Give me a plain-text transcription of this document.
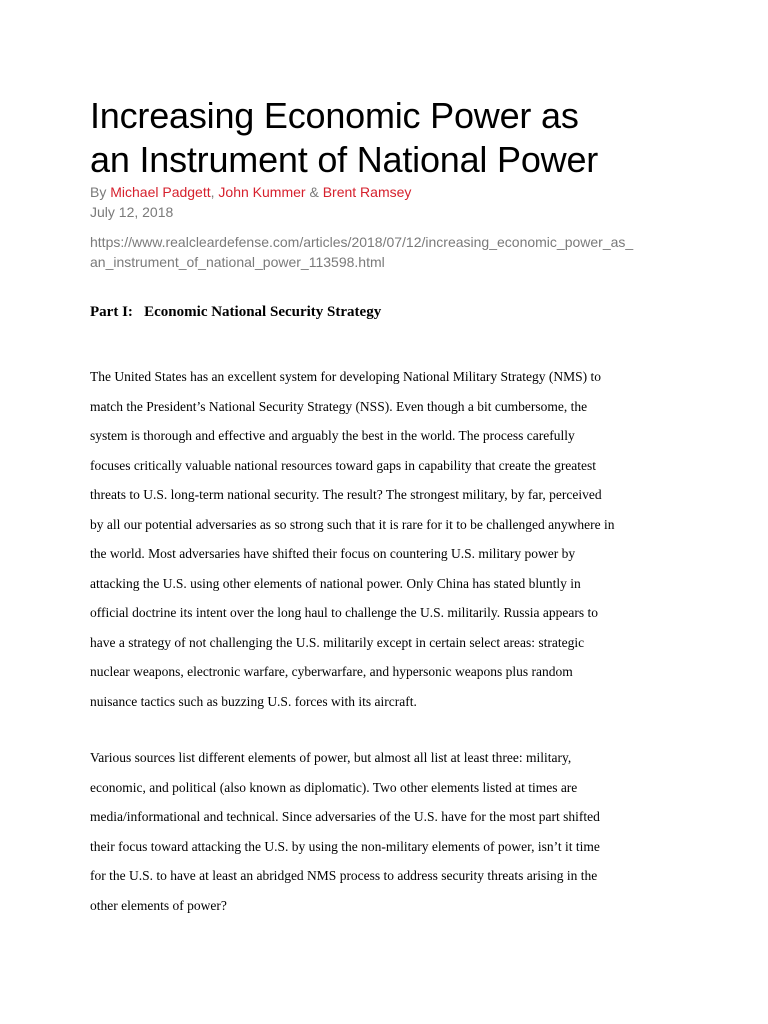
Increasing Economic Power as
an Instrument of National Power
By Michael Padgett, John Kummer & Brent Ramsey
July 12, 2018
https://www.realcleardefense.com/articles/2018/07/12/increasing_economic_power_as_
an_instrument_of_national_power_113598.html
Part I:   Economic National Security Strategy

The United States has an excellent system for developing National Military Strategy (NMS) to
match the President’s National Security Strategy (NSS). Even though a bit cumbersome, the
system is thorough and effective and arguably the best in the world. The process carefully
focuses critically valuable national resources toward gaps in capability that create the greatest
threats to U.S. long-term national security. The result? The strongest military, by far, perceived
by all our potential adversaries as so strong such that it is rare for it to be challenged anywhere in
the world. Most adversaries have shifted their focus on countering U.S. military power by
attacking the U.S. using other elements of national power. Only China has stated bluntly in
official doctrine its intent over the long haul to challenge the U.S. militarily. Russia appears to
have a strategy of not challenging the U.S. militarily except in certain select areas: strategic
nuclear weapons, electronic warfare, cyberwarfare, and hypersonic weapons plus random
nuisance tactics such as buzzing U.S. forces with its aircraft.

Various sources list different elements of power, but almost all list at least three: military,
economic, and political (also known as diplomatic). Two other elements listed at times are
media/informational and technical. Since adversaries of the U.S. have for the most part shifted
their focus toward attacking the U.S. by using the non-military elements of power, isn’t it time
for the U.S. to have at least an abridged NMS process to address security threats arising in the
other elements of power?
